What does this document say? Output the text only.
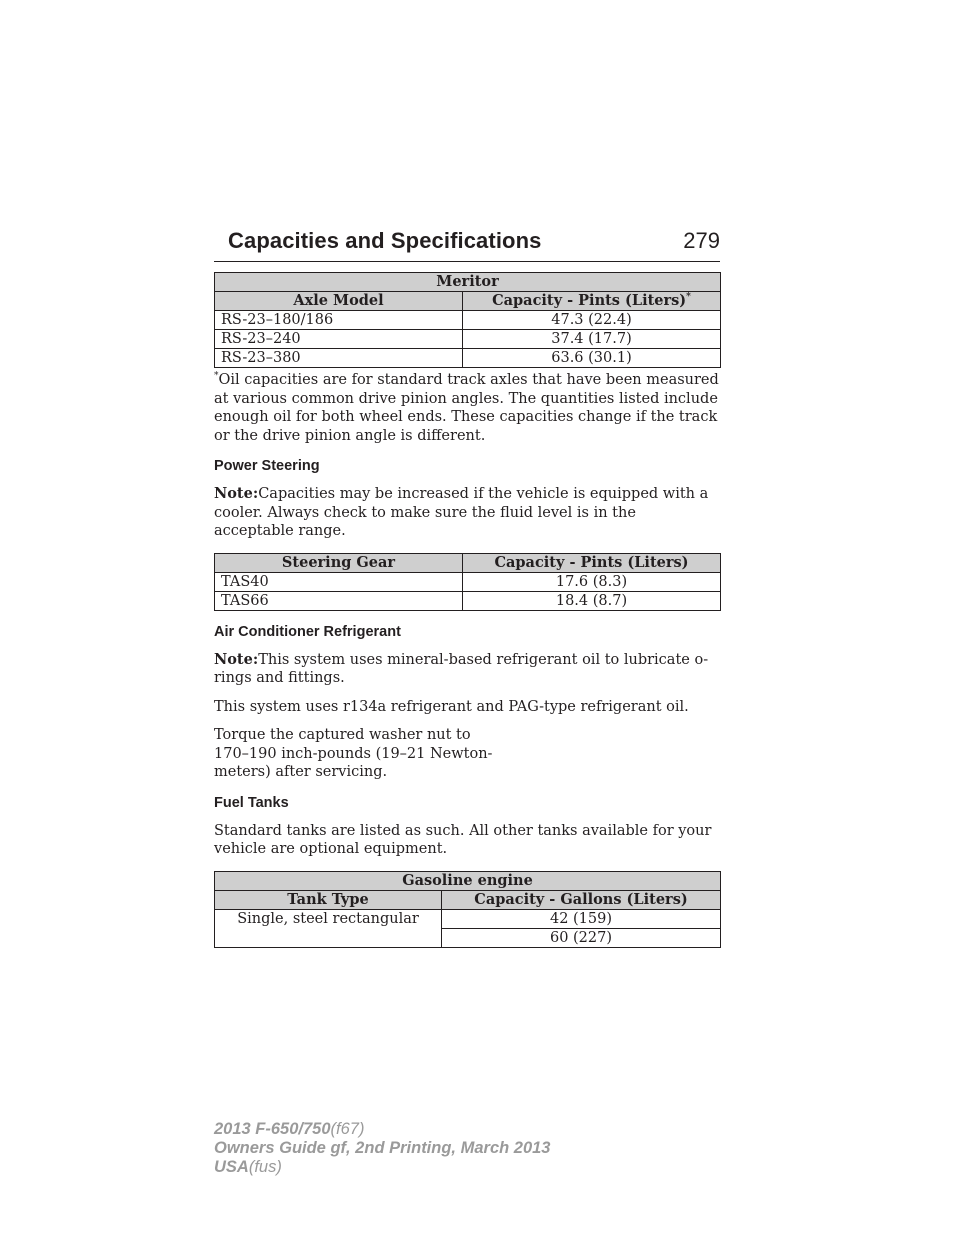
Capacities and Specifications	279
Meritor	
Axle Model	Capacity - Pints (Liters)*
RS-23–180/186	47.3 (22.4)
RS-23–240	37.4 (17.7)
RS-23–380	63.6 (30.1)

*Oil capacities are for standard track axles that have been measured at various common drive pinion angles. The quantities listed include enough oil for both wheel ends. These capacities change if the track or the drive pinion angle is different.

Power Steering

Note:Capacities may be increased if the vehicle is equipped with a cooler. Always check to make sure the fluid level is in the acceptable range.

Steering Gear	Capacity - Pints (Liters)
TAS40	17.6 (8.3)
TAS66	18.4 (8.7)
Air Conditioner Refrigerant

Note:This system uses mineral-based refrigerant oil to lubricate o-rings and fittings.

This system uses r134a refrigerant and PAG-type refrigerant oil.

Torque the captured washer nut to 170–190 inch-pounds (19–21 Newton-meters) after servicing.

Fuel Tanks

Standard tanks are listed as such. All other tanks available for your vehicle are optional equipment.

Gasoline engine	
Tank Type	Capacity - Gallons (Liters)
Single, steel rectangular	42 (159)
	60 (227)
2013 F-650/750(f67)
Owners Guide gf, 2nd Printing, March 2013
USA(fus)
